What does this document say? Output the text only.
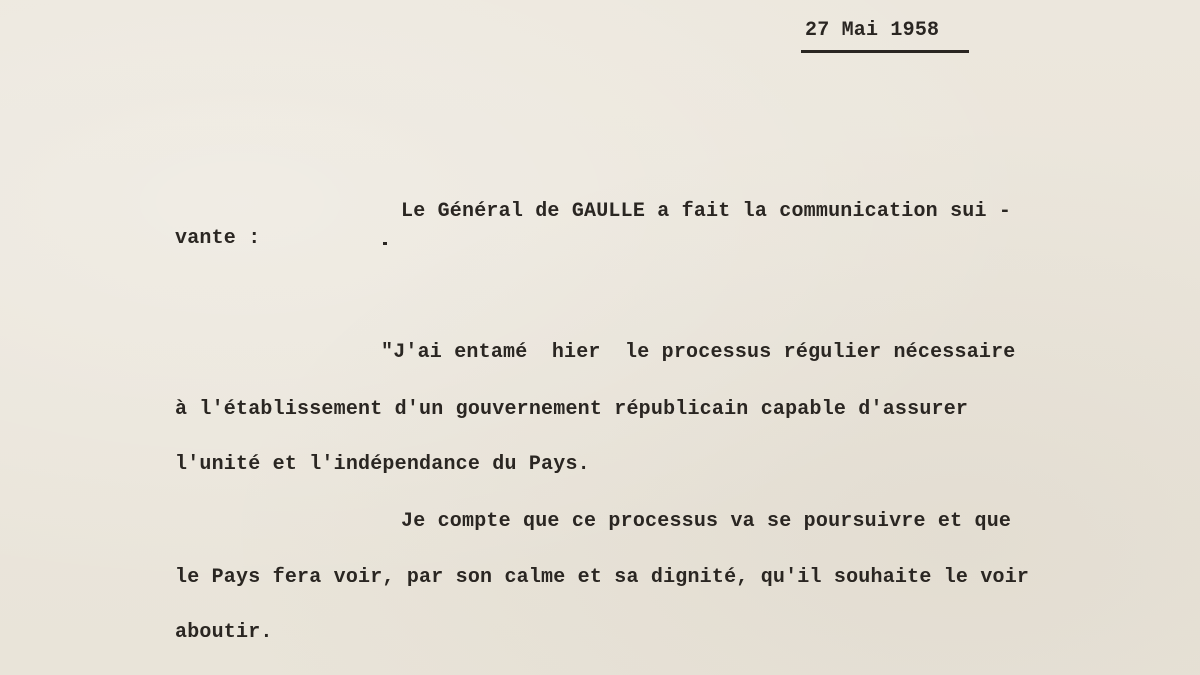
27 Mai 1958
Le Général de GAULLE a fait la communication sui -
vante :
"J'ai entamé  hier  le processus régulier nécessaire
à l'établissement d'un gouvernement républicain capable d'assurer
l'unité et l'indépendance du Pays.
Je compte que ce processus va se poursuivre et que
le Pays fera voir, par son calme et sa dignité, qu'il souhaite le voir
aboutir.
